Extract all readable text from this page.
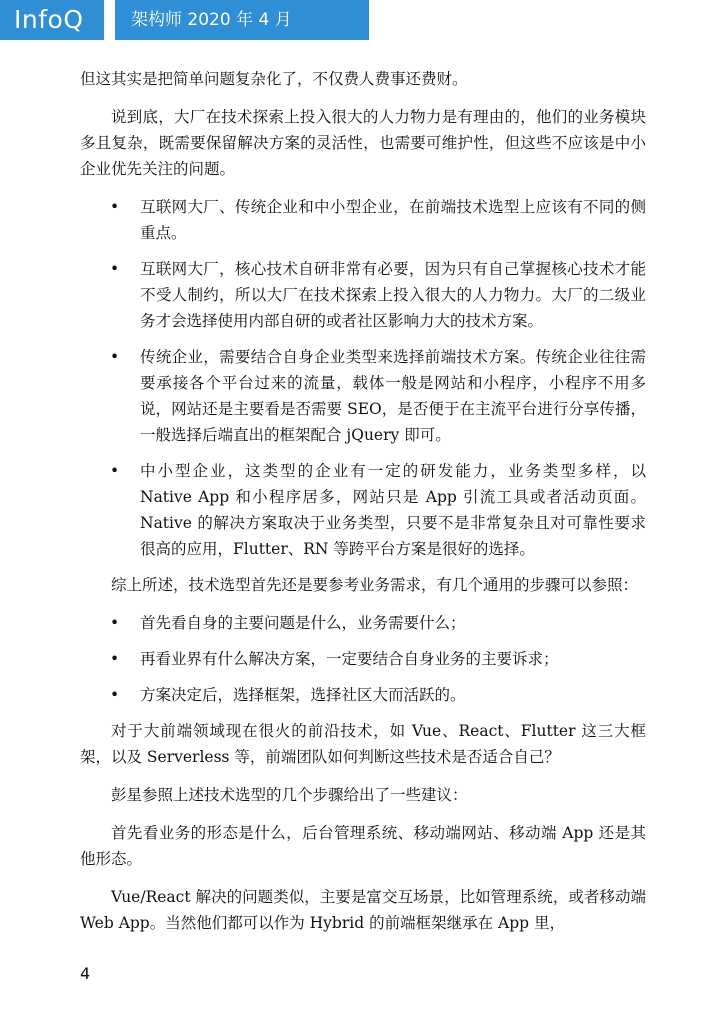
InfoQ	架构师 2020 年 4 月

但这其实是把简单问题复杂化了，不仅费人费事还费财。

说到底，大厂在技术探索上投入很大的人力物力是有理由的，他们的业务模块多且复杂，既需要保留解决方案的灵活性，也需要可维护性，但这些不应该是中小企业优先关注的问题。

• 互联网大厂、传统企业和中小型企业，在前端技术选型上应该有不同的侧重点。
• 互联网大厂，核心技术自研非常有必要，因为只有自己掌握核心技术才能不受人制约，所以大厂在技术探索上投入很大的人力物力。大厂的二级业务才会选择使用内部自研的或者社区影响力大的技术方案。
• 传统企业，需要结合自身企业类型来选择前端技术方案。传统企业往往需要承接各个平台过来的流量，载体一般是网站和小程序，小程序不用多说，网站还是主要看是否需要 SEO，是否便于在主流平台进行分享传播，一般选择后端直出的框架配合 jQuery 即可。
• 中小型企业，这类型的企业有一定的研发能力，业务类型多样，以 Native App 和小程序居多，网站只是 App 引流工具或者活动页面。Native 的解决方案取决于业务类型，只要不是非常复杂且对可靠性要求很高的应用，Flutter、RN 等跨平台方案是很好的选择。

综上所述，技术选型首先还是要参考业务需求，有几个通用的步骤可以参照：

• 首先看自身的主要问题是什么，业务需要什么；
• 再看业界有什么解决方案，一定要结合自身业务的主要诉求；
• 方案决定后，选择框架，选择社区大而活跃的。

对于大前端领域现在很火的前沿技术，如 Vue、React、Flutter 这三大框架，以及 Serverless 等，前端团队如何判断这些技术是否适合自己？

彭星参照上述技术选型的几个步骤给出了一些建议：

首先看业务的形态是什么，后台管理系统、移动端网站、移动端 App 还是其他形态。

Vue/React 解决的问题类似，主要是富交互场景，比如管理系统，或者移动端 Web App。当然他们都可以作为 Hybrid 的前端框架继承在 App 里，

4
